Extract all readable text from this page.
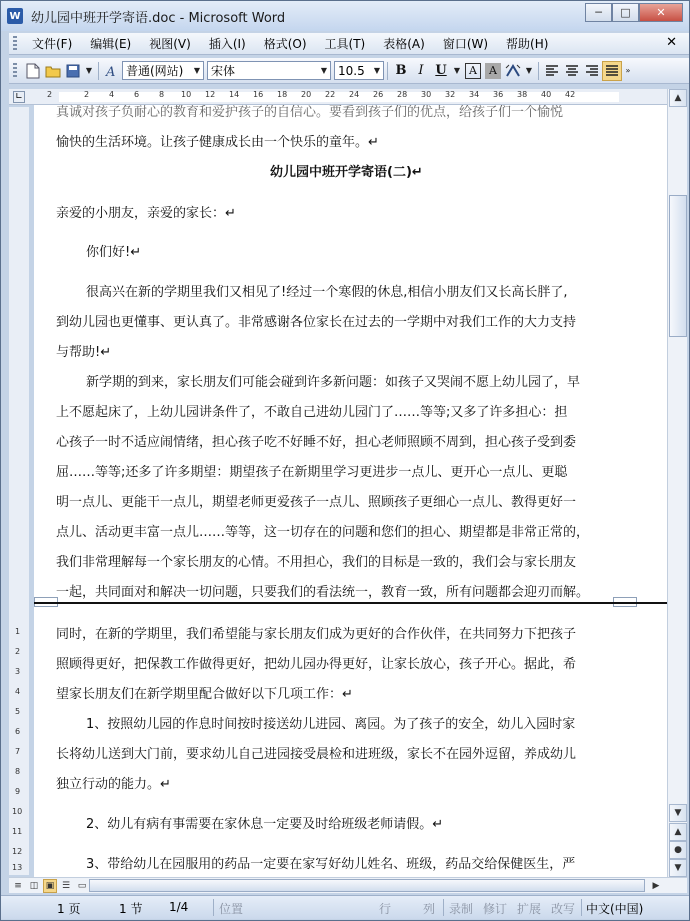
W 幼儿园中班开学寄语.doc - Microsoft Word	─	□	✕
文件(F)	编辑(E)	视图(V)	插入(I)	格式(O)	工具(T)	表格(A)	窗口(W)	帮助(H)	✕
▼ A 普通(网站)	▼ 宋体	▼ 10.5	▼	B I U ▼ A	A	▼	»
∟	2	2 4 6 8 10 12 14 16 18 20 22 24 26 28 30 32 34 36 38 40 42
1
2
3
4
5
6
7
8
9
10
11
12
13
真诚对孩子负耐心的教育和爱护孩子的自信心。要看到孩子们的优点，给孩子们一个愉悦
愉快的生活环境。让孩子健康成长由一个快乐的童年。↵
幼儿园中班开学寄语(二)↵
亲爱的小朋友，亲爱的家长：↵
你们好!↵
很高兴在新的学期里我们又相见了!经过一个寒假的休息,相信小朋友们又长高长胖了,
到幼儿园也更懂事、更认真了。非常感谢各位家长在过去的一学期中对我们工作的大力支持
与帮助!↵
新学期的到来，家长朋友们可能会碰到许多新问题：如孩子又哭闹不愿上幼儿园了，早
上不愿起床了，上幼儿园讲条件了，不敢自己进幼儿园门了……等等;又多了许多担心：担
心孩子一时不适应闹情绪，担心孩子吃不好睡不好，担心老师照顾不周到，担心孩子受到委
屈……等等;还多了许多期望：期望孩子在新期里学习更进步一点儿、更开心一点儿、更聪
明一点儿、更能干一点儿，期望老师更爱孩子一点儿、照顾孩子更细心一点儿、教得更好一
点儿、活动更丰富一点儿……等等，这一切存在的问题和您们的担心、期望都是非常正常的，
我们非常理解每一个家长朋友的心情。不用担心，我们的目标是一致的，我们会与家长朋友
一起，共同面对和解决一切问题，只要我们的看法统一，教育一致，所有问题都会迎刃而解。
同时，在新的学期里，我们希望能与家长朋友们成为更好的合作伙伴，在共同努力下把孩子
照顾得更好，把保教工作做得更好，把幼儿园办得更好，让家长放心，孩子开心。据此，希
望家长朋友们在新学期里配合做好以下几项工作：↵
1、按照幼儿园的作息时间按时接送幼儿进园、离园。为了孩子的安全，幼儿入园时家
长将幼儿送到大门前，要求幼儿自己进园接受晨检和进班级，家长不在园外逗留，养成幼儿
独立行动的能力。↵
2、幼儿有病有事需要在家休息一定要及时给班级老师请假。↵
3、带给幼儿在园服用的药品一定要在家写好幼儿姓名、班级，药品交给保健医生，严
▲
▼
▲
●
▼
≡ ◫ ▣ ☰ ▭	▶
1 页	1 节 1/4	位置	行	列 录制 修订 扩展 改写 中文(中国)
